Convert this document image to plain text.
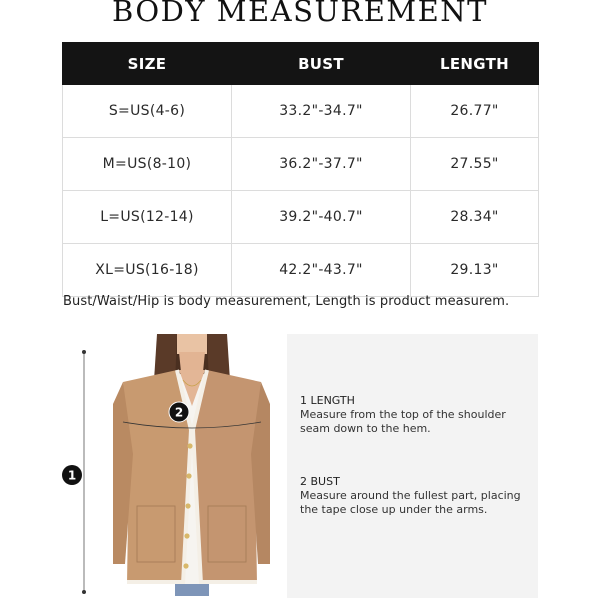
BODY MEASUREMENT
SIZE	BUST	LENGTH
S=US(4-6)	33.2"-34.7"	26.77"
M=US(8-10)	36.2"-37.7"	27.55"
L=US(12-14)	39.2"-40.7"	28.34"
XL=US(16-18)	42.2"-43.7"	29.13"
Bust/Waist/Hip is body measurement, Length is product measurem.
1
2
1 LENGTH
Measure from the top of the shoulder seam down to the hem.
2 BUST
Measure around the fullest part, placing the tape close up under the arms.
